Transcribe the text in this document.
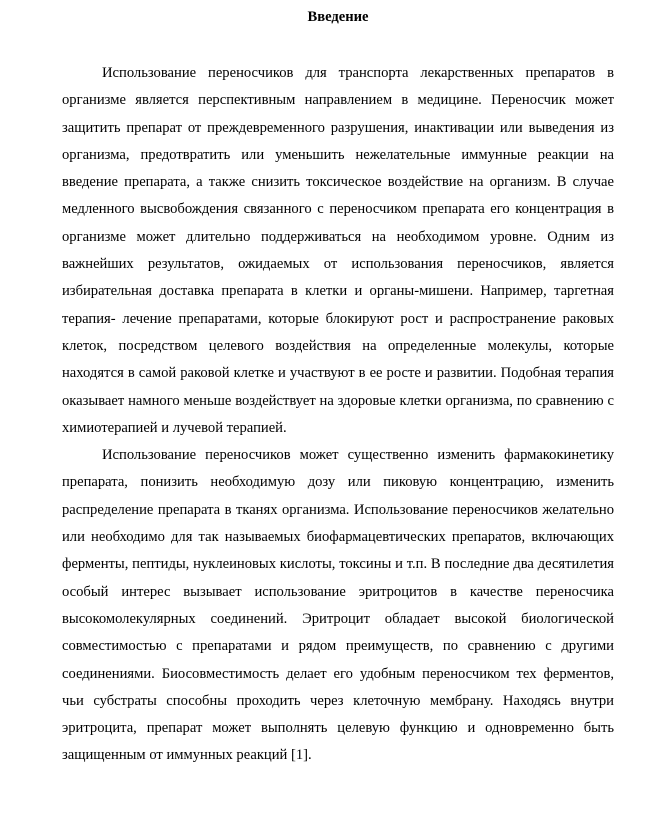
Введение

Использование переносчиков для транспорта лекарственных препаратов в организме является перспективным направлением в медицине. Переносчик может защитить препарат от преждевременного разрушения, инактивации или выведения из организма, предотвратить или уменьшить нежелательные иммунные реакции на введение препарата, а также снизить токсическое воздействие на организм. В случае медленного высвобождения связанного с переносчиком препарата его концентрация в организме может длительно поддерживаться на необходимом уровне. Одним из важнейших результатов, ожидаемых от использования переносчиков, является избирательная доставка препарата в клетки и органы-мишени. Например, таргетная терапия- лечение препаратами, которые блокируют рост и распространение раковых клеток, посредством целевого воздействия на определенные молекулы, которые находятся в самой раковой клетке и участвуют в ее росте и развитии. Подобная терапия оказывает намного меньше воздействует на здоровые клетки организма, по сравнению с химиотерапией и лучевой терапией.

Использование переносчиков может существенно изменить фармакокинетику препарата, понизить необходимую дозу или пиковую концентрацию, изменить распределение препарата в тканях организма. Использование переносчиков желательно или необходимо для так называемых биофармацевтических препаратов, включающих ферменты, пептиды, нуклеиновых кислоты, токсины и т.п. В последние два десятилетия особый интерес вызывает использование эритроцитов в качестве переносчика высокомолекулярных соединений. Эритроцит обладает высокой биологической совместимостью с препаратами и рядом преимуществ, по сравнению с другими соединениями. Биосовместимость делает его удобным переносчиком тех ферментов, чьи субстраты способны проходить через клеточную мембрану. Находясь внутри эритроцита, препарат может выполнять целевую функцию и одновременно быть защищенным от иммунных реакций [1].
